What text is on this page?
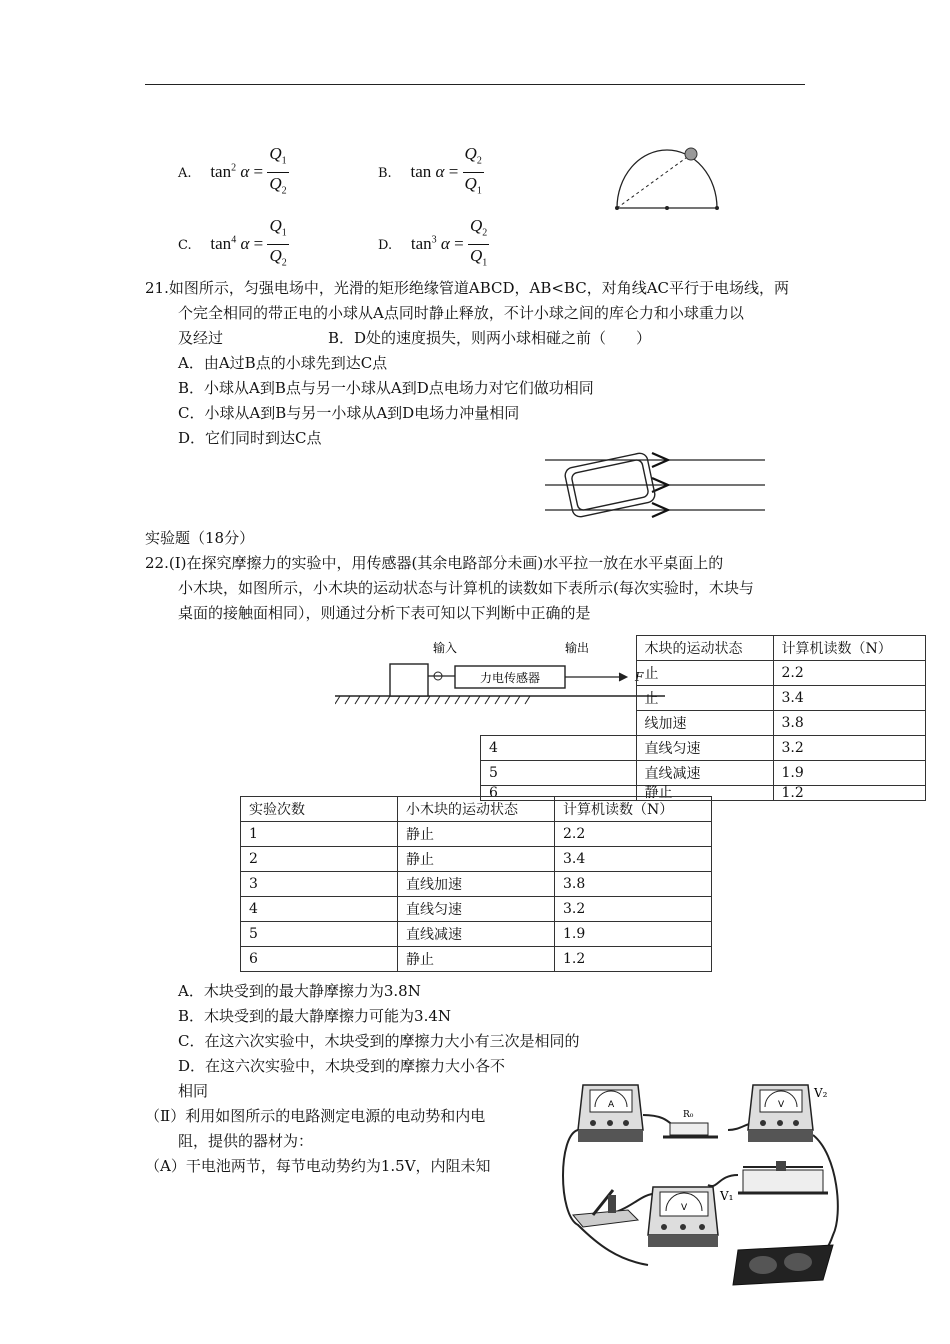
A. $\tan^2 \alpha = \frac{Q_1}{Q_2}$	B. $\tan \alpha = \frac{Q_2}{Q_1}$
C. $\tan^4 \alpha = \frac{Q_1}{Q_2}$	D. $\tan^3 \alpha = \frac{Q_2}{Q_1}$
21.如图所示，匀强电场中，光滑的矩形绝缘管道ABCD，AB<BC，对角线AC平行于电场线，两
个完全相同的带正电的小球从A点同时静止释放，不计小球之间的库仑力和小球重力以
及经过	B．D处的速度损失，则两小球相碰之前（　　）
A．由A过B点的小球先到达C点
B．小球从A到B点与另一小球从A到D点电场力对它们做功相同
C．小球从A到B与另一小球从A到D电场力冲量相同
D．它们同时到达C点
实验题（18分）
22.(Ⅰ)在探究摩擦力的实验中，用传感器(其余电路部分未画)水平拉一放在水平桌面上的
小木块，如图所示，小木块的运动状态与计算机的读数如下表所示(每次实验时，木块与
桌面的接触面相同），则通过分析下表可知以下判断中正确的是
力电传感器	F
输入	输出
		木块的运动状态	计算机读数（N）
	止	2.2
	止	3.4
	线加速	3.8
4	直线匀速	3.2
5	直线减速	1.9
6	静止	1.2
实验次数	小木块的运动状态	计算机读数（N）
1	静止	2.2
2	静止	3.4
3	直线加速	3.8
4	直线匀速	3.2
5	直线减速	1.9
6	静止	1.2
A．木块受到的最大静摩擦力为3.8N
B．木块受到的最大静摩擦力可能为3.4N
C．在这六次实验中，木块受到的摩擦力大小有三次是相同的
D．在这六次实验中，木块受到的摩擦力大小各不
相同
（Ⅱ）利用如图所示的电路测定电源的电动势和内电
阻，提供的器材为：
（A）干电池两节，每节电动势约为1.5V，内阻未知
A
R₀
V
V₂
V
V₁
